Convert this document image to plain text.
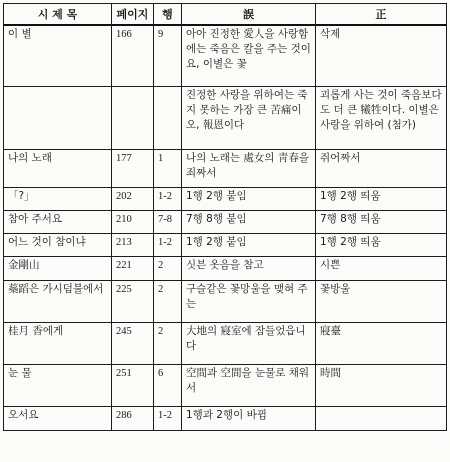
시 제 목	페이지	행	誤	正
이 별	166	9	아아 진정한 愛人을 사랑함에는 죽음은 칼을 주는 것이요, 이별은 꽃	삭제
			진정한 사랑을 위하여는 죽지 못하는 가장 큰 苦痛이오, 報恩이다	괴롭게 사는 것이 죽음보다도 더 큰 犧牲이다. 이별은 사랑을 위하여 (첨가)
나의 노래	177	1	나의 노래는 處女의 靑春을 죄짜서	쥐어짜서
「?」	202	1-2	1행 2행 붙임	1행 2행 띄움
참아 주서요	210	7-8	7행 8행 붙임	7행 8행 띄움
어느 것이 참이냐	213	1-2	1행 2행 붙임	1행 2행 띄움
金剛山	221	2	싯븐 옷음을 참고	시쁜
蘂蹈은 가시덤불에서	225	2	구슬같은 꽃망울을 맺혀 주는	꽃방울
桂月 香에게	245	2	大地의 寢室에 잠들었읍니다	寢臺
눈 물	251	6	空間과 空間을 눈물로 채워서	時間
오서요	286	1-2	1행과 2행이 바뀜	
